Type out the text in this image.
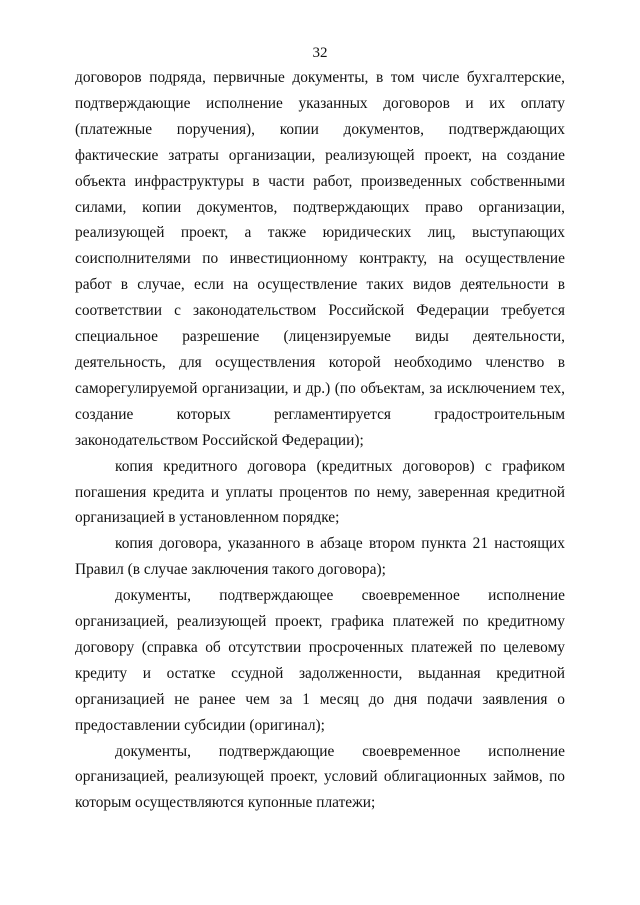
32

договоров подряда, первичные документы, в том числе бухгалтерские, подтверждающие исполнение указанных договоров и их оплату (платежные поручения), копии документов, подтверждающих фактические затраты организации, реализующей проект, на создание объекта инфраструктуры в части работ, произведенных собственными силами, копии документов, подтверждающих право организации, реализующей проект, а также юридических лиц, выступающих соисполнителями по инвестиционному контракту, на осуществление работ в случае, если на осуществление таких видов деятельности в соответствии с законодательством Российской Федерации требуется специальное разрешение (лицензируемые виды деятельности, деятельность, для осуществления которой необходимо членство в саморегулируемой организации, и др.) (по объектам, за исключением тех, создание которых регламентируется градостроительным законодательством Российской Федерации);

копия кредитного договора (кредитных договоров) с графиком погашения кредита и уплаты процентов по нему, заверенная кредитной организацией в установленном порядке;

копия договора, указанного в абзаце втором пункта 21 настоящих Правил (в случае заключения такого договора);

документы, подтверждающее своевременное исполнение организацией, реализующей проект, графика платежей по кредитному договору (справка об отсутствии просроченных платежей по целевому кредиту и остатке ссудной задолженности, выданная кредитной организацией не ранее чем за 1 месяц до дня подачи заявления о предоставлении субсидии (оригинал);

документы, подтверждающие своевременное исполнение организацией, реализующей проект, условий облигационных займов, по которым осуществляются купонные платежи;
